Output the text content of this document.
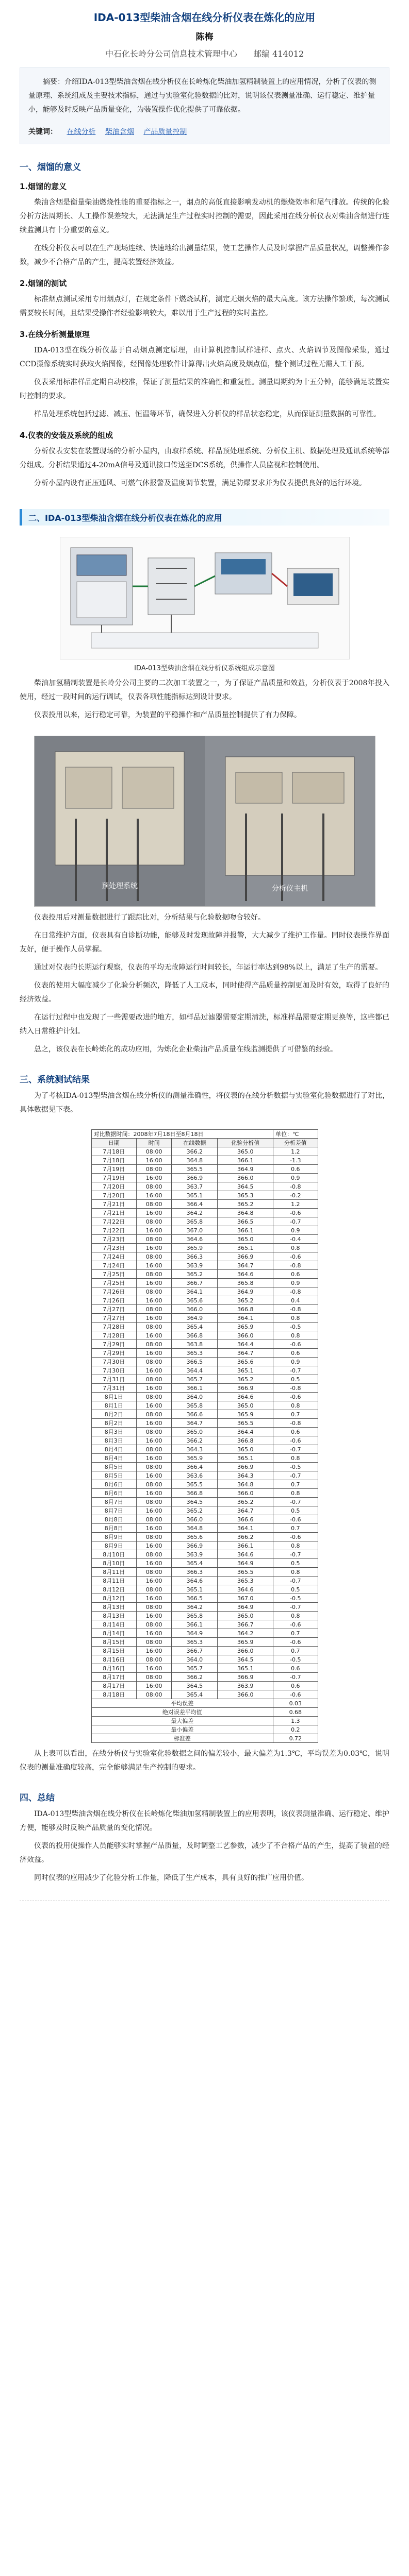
IDA-013型柴油含烟在线分析仪表在炼化的应用
陈梅
中石化长岭分公司信息技术管理中心 邮编 414012

摘要：介绍IDA-013型柴油含烟在线分析仪在长岭炼化柴油加氢精制装置上的应用情况，分析了仪表的测量原理、系统组成及主要技术指标，通过与实验室化验数据的比对，说明该仪表测量准确、运行稳定、维护量小，能够及时反映产品质量变化，为装置操作优化提供了可靠依据。

关键词： 在线分析 柴油含烟 产品质量控制
一、烟馏的意义
1.烟馏的意义

柴油含烟是衡量柴油燃烧性能的重要指标之一，烟点的高低直接影响发动机的燃烧效率和尾气排放。传统的化验分析方法周期长、人工操作误差较大，无法满足生产过程实时控制的需要，因此采用在线分析仪表对柴油含烟进行连续监测具有十分重要的意义。

在线分析仪表可以在生产现场连续、快速地给出测量结果，使工艺操作人员及时掌握产品质量状况，调整操作参数，减少不合格产品的产生，提高装置经济效益。

2.烟馏的测试

标准烟点测试采用专用烟点灯，在规定条件下燃烧试样，测定无烟火焰的最大高度。该方法操作繁琐，每次测试需要较长时间，且结果受操作者经验影响较大，难以用于生产过程的实时监控。

3.在线分析测量原理

IDA-013型在线分析仪基于自动烟点测定原理，由计算机控制试样进样、点火、火焰调节及图像采集，通过CCD摄像系统实时获取火焰图像，经图像处理软件计算得出火焰高度及烟点值，整个测试过程无需人工干预。

仪表采用标准样品定期自动校准，保证了测量结果的准确性和重复性。测量周期约为十五分钟，能够满足装置实时控制的要求。

样品处理系统包括过滤、减压、恒温等环节，确保进入分析仪的样品状态稳定，从而保证测量数据的可靠性。

4.仪表的安装及系统的组成

分析仪表安装在装置现场的分析小屋内，由取样系统、样品预处理系统、分析仪主机、数据处理及通讯系统等部分组成。分析结果通过4-20mA信号及通讯接口传送至DCS系统，供操作人员监视和控制使用。

分析小屋内设有正压通风、可燃气体报警及温度调节装置，满足防爆要求并为仪表提供良好的运行环境。

二、IDA-013型柴油含烟在线分析仪表在炼化的应用
IDA-013型柴油含烟在线分析仪系统组成示意图

柴油加氢精制装置是长岭分公司主要的二次加工装置之一，为了保证产品质量和效益，分析仪表于2008年投入使用，经过一段时间的运行调试，仪表各项性能指标达到设计要求。

仪表投用以来，运行稳定可靠，为装置的平稳操作和产品质量控制提供了有力保障。

预处理系统	分析仪主机

仪表投用后对测量数据进行了跟踪比对，分析结果与化验数据吻合较好。

在日常维护方面，仪表具有自诊断功能，能够及时发现故障并报警，大大减少了维护工作量。同时仪表操作界面友好，便于操作人员掌握。

通过对仪表的长期运行观察，仪表的平均无故障运行时间较长，年运行率达到98%以上，满足了生产的需要。

仪表的使用大幅度减少了化验分析频次，降低了人工成本，同时使得产品质量控制更加及时有效，取得了良好的经济效益。

在运行过程中也发现了一些需要改进的地方，如样品过滤器需要定期清洗，标准样品需要定期更换等，这些都已纳入日常维护计划。

总之，该仪表在长岭炼化的成功应用，为炼化企业柴油产品质量在线监测提供了可借鉴的经验。

三、系统测试结果

为了考核IDA-013型柴油含烟在线分析仪的测量准确性，将仪表的在线分析数据与实验室化验数据进行了对比，具体数据见下表。

对比数据时间：2008年7月18日至8月18日				单位：℃
日期	时间	在线数据	化验分析值	分析差值
7月18日	08:00	366.2	365.0	1.2
7月18日	16:00	364.8	366.1	-1.3
7月19日	08:00	365.5	364.9	0.6
7月19日	16:00	366.9	366.0	0.9
7月20日	08:00	363.7	364.5	-0.8
7月20日	16:00	365.1	365.3	-0.2
7月21日	08:00	366.4	365.2	1.2
7月21日	16:00	364.2	364.8	-0.6
7月22日	08:00	365.8	366.5	-0.7
7月22日	16:00	367.0	366.1	0.9
7月23日	08:00	364.6	365.0	-0.4
7月23日	16:00	365.9	365.1	0.8
7月24日	08:00	366.3	366.9	-0.6
7月24日	16:00	363.9	364.7	-0.8
7月25日	08:00	365.2	364.6	0.6
7月25日	16:00	366.7	365.8	0.9
7月26日	08:00	364.1	364.9	-0.8
7月26日	16:00	365.6	365.2	0.4
7月27日	08:00	366.0	366.8	-0.8
7月27日	16:00	364.9	364.1	0.8
7月28日	08:00	365.4	365.9	-0.5
7月28日	16:00	366.8	366.0	0.8
7月29日	08:00	363.8	364.4	-0.6
7月29日	16:00	365.3	364.7	0.6
7月30日	08:00	366.5	365.6	0.9
7月30日	16:00	364.4	365.1	-0.7
7月31日	08:00	365.7	365.2	0.5
7月31日	16:00	366.1	366.9	-0.8
8月1日	08:00	364.0	364.6	-0.6
8月1日	16:00	365.8	365.0	0.8
8月2日	08:00	366.6	365.9	0.7
8月2日	16:00	364.7	365.5	-0.8
8月3日	08:00	365.0	364.4	0.6
8月3日	16:00	366.2	366.8	-0.6
8月4日	08:00	364.3	365.0	-0.7
8月4日	16:00	365.9	365.1	0.8
8月5日	08:00	366.4	366.9	-0.5
8月5日	16:00	363.6	364.3	-0.7
8月6日	08:00	365.5	364.8	0.7
8月6日	16:00	366.8	366.0	0.8
8月7日	08:00	364.5	365.2	-0.7
8月7日	16:00	365.2	364.7	0.5
8月8日	08:00	366.0	366.6	-0.6
8月8日	16:00	364.8	364.1	0.7
8月9日	08:00	365.6	366.2	-0.6
8月9日	16:00	366.9	366.1	0.8
8月10日	08:00	363.9	364.6	-0.7
8月10日	16:00	365.4	364.9	0.5
8月11日	08:00	366.3	365.5	0.8
8月11日	16:00	364.6	365.3	-0.7
8月12日	08:00	365.1	364.6	0.5
8月12日	16:00	366.5	367.0	-0.5
8月13日	08:00	364.2	364.9	-0.7
8月13日	16:00	365.8	365.0	0.8
8月14日	08:00	366.1	366.7	-0.6
8月14日	16:00	364.9	364.2	0.7
8月15日	08:00	365.3	365.9	-0.6
8月15日	16:00	366.7	366.0	0.7
8月16日	08:00	364.0	364.5	-0.5
8月16日	16:00	365.7	365.1	0.6
8月17日	08:00	366.2	366.9	-0.7
8月17日	16:00	364.5	363.9	0.6
8月18日	08:00	365.4	366.0	-0.6
平均误差				0.03
绝对误差平均值				0.68
最大偏差				1.3
最小偏差				0.2
标准差				0.72

从上表可以看出，在线分析仪与实验室化验数据之间的偏差较小，最大偏差为1.3℃，平均误差为0.03℃，说明仪表的测量准确度较高，完全能够满足生产控制的要求。

四、总结

IDA-013型柴油含烟在线分析仪在长岭炼化柴油加氢精制装置上的应用表明，该仪表测量准确、运行稳定、维护方便，能够及时反映产品质量的变化情况。

仪表的投用使操作人员能够实时掌握产品质量，及时调整工艺参数，减少了不合格产品的产生，提高了装置的经济效益。

同时仪表的应用减少了化验分析工作量，降低了生产成本，具有良好的推广应用价值。
